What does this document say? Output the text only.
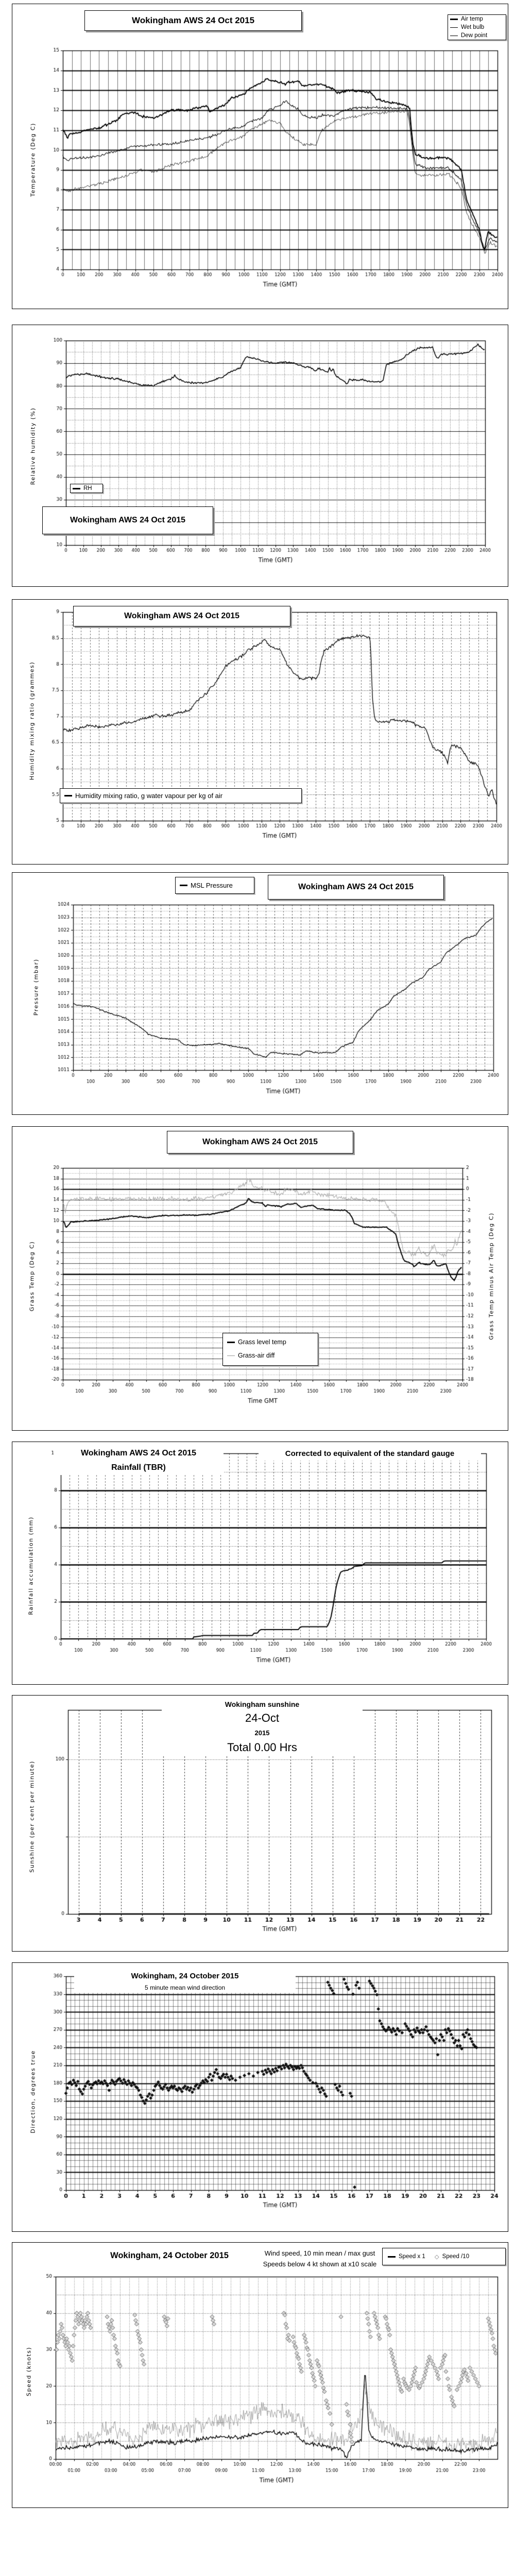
Wokingham AWS 24 Oct 2015
Temperature (Deg C)
Air temp
Wet bulb
Dew point
Relative humidity (%)
RH
Wokingham AWS 24 Oct 2015
Wokingham AWS 24 Oct 2015
Humidity mixing ratio (grammes)
Humidity mixing ratio, g water vapour per kg of air
MSL Pressure	Wokingham AWS 24 Oct 2015
Pressure (mbar)
Wokingham AWS 24 Oct 2015
Grass Temp (Deg C)	Grass Temp minus Air Temp (Deg C)
Grass level temp
Grass-air diff
Wokingham AWS 24 Oct 2015
Rainfall (TBR)
Corrected to equivalent of the standard gauge
Rainfall accumulation (mm)
Wokingham sunshine
24-Oct
2015
Total 0.00 Hrs
Sunshine (per cent per minute)
Wokingham, 24 October 2015
5 minute mean wind direction
Direction, degrees true
Wokingham, 24 October 2015	Wind speed, 10 min mean / max gust
Speeds below 4 kt shown at x10 scale
Speed x 1 ◇ Speed /10
Speed (knots)
